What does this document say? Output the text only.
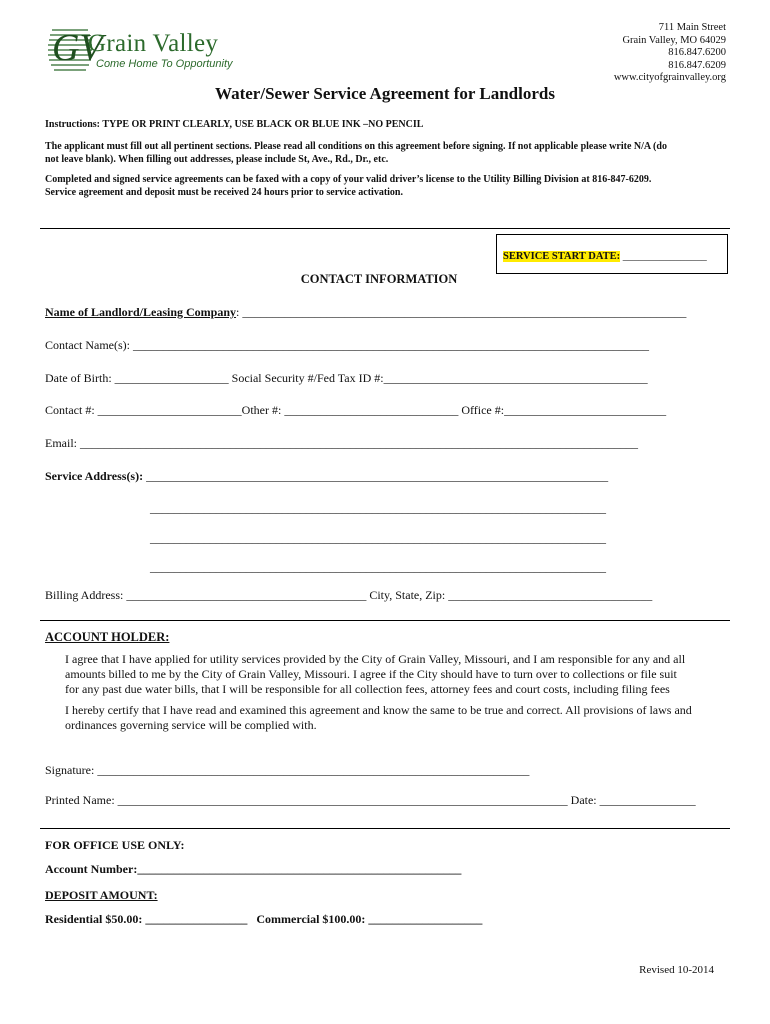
GV
Grain Valley
Come Home To Opportunity
711 Main Street
Grain Valley, MO 64029
816.847.6200
816.847.6209
www.cityofgrainvalley.org
Water/Sewer Service Agreement for Landlords
Instructions: TYPE OR PRINT CLEARLY, USE BLACK OR BLUE INK –NO PENCIL
The applicant must fill out all pertinent sections. Please read all conditions on this agreement before signing. If not applicable please write N/A (do
not leave blank). When filling out addresses, please include St, Ave., Rd., Dr., etc.
Completed and signed service agreements can be faxed with a copy of your valid driver’s license to the Utility Billing Division at 816-847-6209.
Service agreement and deposit must be received 24 hours prior to service activation.
SERVICE START DATE: ________________
CONTACT INFORMATION
Name of Landlord/Leasing Company: __________________________________________________________________________
Contact Name(s): ______________________________________________________________________________________
Date of Birth: ___________________ Social Security #/Fed Tax ID #:____________________________________________
Contact #: ________________________Other #: _____________________________ Office #:___________________________
Email: _____________________________________________________________________________________________
Service Address(s): _____________________________________________________________________________
____________________________________________________________________________
____________________________________________________________________________
____________________________________________________________________________
Billing Address: ________________________________________ City, State, Zip: __________________________________
ACCOUNT HOLDER:
I agree that I have applied for utility services provided by the City of Grain Valley, Missouri, and I am responsible for any and all
amounts billed to me by the City of Grain Valley, Missouri. I agree if the City should have to turn over to collections or file suit
for any past due water bills, that I will be responsible for all collection fees, attorney fees and court costs, including filing fees
I hereby certify that I have read and examined this agreement and know the same to be true and correct. All provisions of laws and
ordinances governing service will be complied with.
Signature: ________________________________________________________________________
Printed Name: ___________________________________________________________________________ Date: ________________
FOR OFFICE USE ONLY:
Account Number:______________________________________________________
DEPOSIT AMOUNT:
Residential $50.00: _________________ Commercial $100.00: ___________________
Revised 10-2014
